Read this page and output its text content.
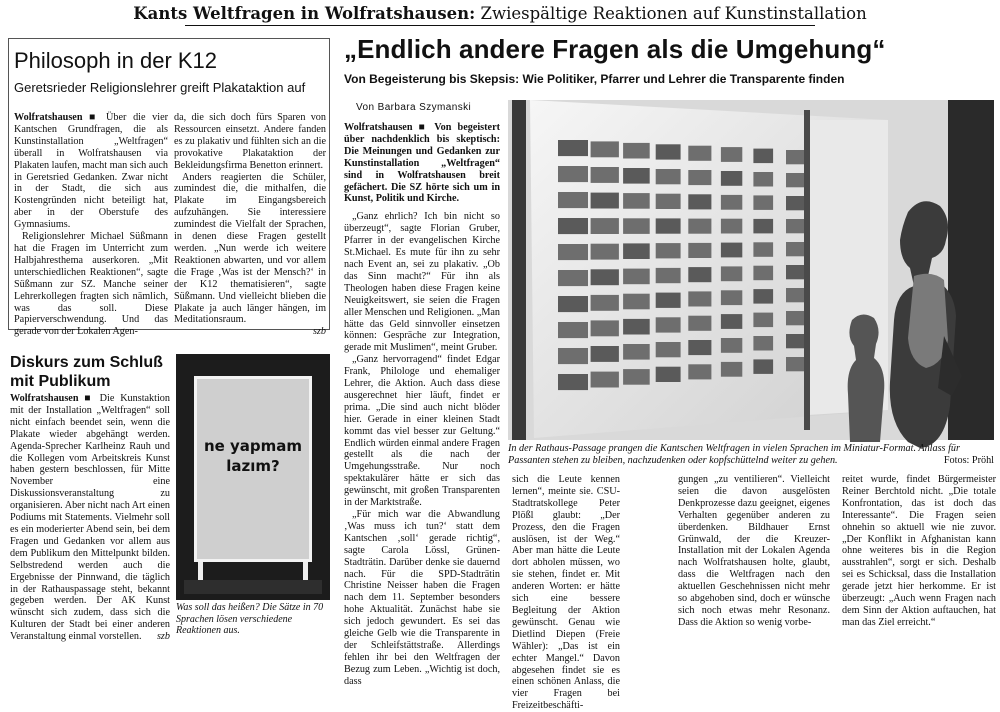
Kants Weltfragen in Wolfratshausen: Zwiespältige Reaktionen auf Kunstinstallation
Philosoph in der K12
Geretsrieder Religionslehrer greift Plakataktion auf

Wolfratshausen ■ Über die vier Kantschen Grundfragen, die als Kunstinstallation „Weltfragen“ überall in Wolfratshausen via Plakaten laufen, macht man sich auch in Geretsried Gedanken. Zwar nicht in der Stadt, die sich aus Kostengründen nicht beteiligt hat, aber in der Oberstufe des Gymnasiums.

Religionslehrer Michael Süßmann hat die Fragen im Unterricht zum Halbjahresthema auserkoren. „Mit unterschiedlichen Reaktionen“, sagte Süßmann zur SZ. Manche seiner Lehrerkollegen fragten sich nämlich, was das soll. Diese Papierverschwendung. Und das gerade von der Lokalen Agen-

da, die sich doch fürs Sparen von Ressourcen einsetzt. Andere fanden es zu plakativ und fühlten sich an die provokative Plakataktion der Bekleidungsfirma Benetton erinnert.

Anders reagierten die Schüler, zumindest die, die mithalfen, die Plakate im Eingangsbereich aufzuhängen. Sie interessiere zumindest die Vielfalt der Sprachen, in denen diese Fragen gestellt werden. „Nun werde ich weitere Reaktionen abwarten, und vor allem die Frage ‚Was ist der Mensch?‘ in der K12 thematisieren“, sagte Süßmann. Und vielleicht blieben die Plakate ja auch länger hängen, im Meditationsraum.

szb

Diskurs zum Schluß mit Publikum

Wolfratshausen ■ Die Kunstaktion mit der Installation „Weltfragen“ soll nicht einfach beendet sein, wenn die Plakate wieder abgehängt werden. Agenda-Sprecher Karlheinz Rauh und die Kollegen vom Arbeitskreis Kunst haben gestern beschlossen, für Mitte November eine Diskussionsveranstaltung zu organisieren. Aber nicht nach Art einen Podiums mit Statements. Vielmehr soll es ein moderierter Abend sein, bei dem Fragen und Gedanken vor allem aus dem Publikum den Mittelpunkt bilden. Selbstredend werden auch die Ergebnisse der Pinnwand, die täglich in der Rathauspassage steht, bekannt gegeben werden. Der AK Kunst wünscht sich zudem, dass sich die Kulturen der Stadt bei einer anderen Veranstaltung einmal vorstellen. szb

ne yapmam lazım?
Was soll das heißen? Die Sätze in 70 Sprachen lösen verschiedene Reaktionen aus.
„Endlich andere Fragen als die Umgehung“
Von Begeisterung bis Skepsis: Wie Politiker, Pfarrer und Lehrer die Transparente finden
Von Barbara Szymanski

Wolfratshausen ■ Von begeistert über nachdenklich bis skeptisch: Die Meinungen und Gedanken zur Kunstinstallation „Weltfragen“ sind in Wolfratshausen breit gefächert. Die SZ hörte sich um in Kunst, Politik und Kirche.

„Ganz ehrlich? Ich bin nicht so überzeugt“, sagte Florian Gruber, Pfarrer in der evangelischen Kirche St.Michael. Es mute für ihn zu sehr nach Event an, sei zu plakativ. „Ob das Sinn macht?“ Für ihn als Theologen haben diese Fragen keine Neuigkeitswert, sie seien die Fragen aller Menschen und Religionen. „Man hätte das Geld sinnvoller einsetzen können: Gespräche zur Integration, gerade mit Muslimen“, meint Gruber.

„Ganz hervorragend“ findet Edgar Frank, Philologe und ehemaliger Lehrer, die Aktion. Auch dass diese ausgerechnet hier läuft, findet er prima. „Die sind auch nicht blöder hier. Gerade in einer kleinen Stadt kommt das viel besser zur Geltung.“ Endlich würden einmal andere Fragen gestellt als die nach der Umgehungsstraße. Nur noch spektakulärer hätte er sich das gewünscht, mit großen Transparenten in der Marktstraße.

„Für mich war die Abwandlung ‚Was muss ich tun?‘ statt dem Kantschen ‚soll‘ gerade richtig“, sagte Carola Lössl, Grünen-Stadträtin. Darüber denke sie dauernd nach. Für die SPD-Stadträtin Christine Neisser haben die Fragen nach dem 11. September besonders hohe Aktualität. Zunächst habe sie sich jedoch gewundert. Es sei das gleiche Gelb wie die Transparente in der Schleifstättstraße. Allerdings fehlen ihr bei den Weltfragen der Bezug zum Leben. „Wichtig ist doch, dass

In der Rathaus-Passage prangen die Kantschen Weltfragen in vielen Sprachen im Miniatur-Format. Anlass für Passanten stehen zu bleiben, nachzudenken oder kopfschüttelnd weiter zu gehen.	Fotos: Pröhl

sich die Leute kennen lernen“, meinte sie. CSU-Stadtratskollege Peter Plößl glaubt: „Der Prozess, den die Fragen auslösen, ist der Weg.“ Aber man hätte die Leute dort abholen müssen, wo sie stehen, findet er. Mit anderen Worten: er hätte sich eine bessere Begleitung der Aktion gewünscht. Genau wie Dietlind Diepen (Freie Wähler): „Das ist ein echter Mangel.“ Davon abgesehen findet sie es einen schönen Anlass, die vier Fragen bei Freizeitbeschäfti-

gungen „zu ventilieren“. Vielleicht seien die davon ausgelösten Denkprozesse dazu geeignet, eigenes Verhalten gegenüber anderen zu überdenken. Bildhauer Ernst Grünwald, der die Kreuzer-Installation mit der Lokalen Agenda nach Wolfratshausen holte, glaubt, dass die Weltfragen nach den aktuellen Geschehnissen nicht mehr so abgehoben sind, doch er wünsche sich noch etwas mehr Resonanz. Dass die Aktion so wenig vorbe-

reitet wurde, findet Bürgermeister Reiner Berchtold nicht. „Die totale Konfrontation, das ist doch das Interessante“. Die Fragen seien ohnehin so aktuell wie nie zuvor. „Der Konflikt in Afghanistan kann ohne weiteres bis in die Region ausstrahlen“, sorgt er sich. Deshalb sei es Schicksal, dass die Installation gerade jetzt hier herkomme. Er ist überzeugt: „Auch wenn Fragen nach dem Sinn der Aktion auftauchen, hat man das Ziel erreicht.“
